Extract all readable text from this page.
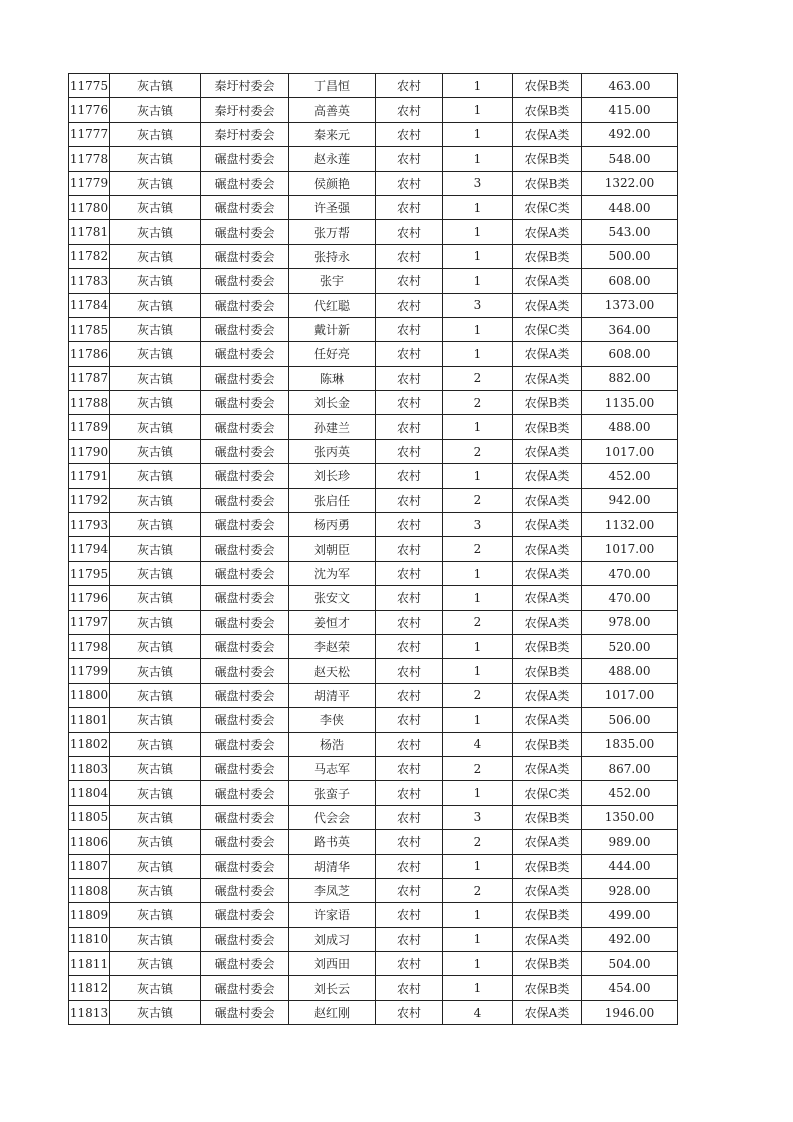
11775	灰古镇	秦圩村委会	丁昌恒	农村	1	农保B类	463.00
11776	灰古镇	秦圩村委会	高善英	农村	1	农保B类	415.00
11777	灰古镇	秦圩村委会	秦来元	农村	1	农保A类	492.00
11778	灰古镇	碾盘村委会	赵永莲	农村	1	农保B类	548.00
11779	灰古镇	碾盘村委会	侯颜艳	农村	3	农保B类	1322.00
11780	灰古镇	碾盘村委会	许圣强	农村	1	农保C类	448.00
11781	灰古镇	碾盘村委会	张万帮	农村	1	农保A类	543.00
11782	灰古镇	碾盘村委会	张持永	农村	1	农保B类	500.00
11783	灰古镇	碾盘村委会	张宇	农村	1	农保A类	608.00
11784	灰古镇	碾盘村委会	代红聪	农村	3	农保A类	1373.00
11785	灰古镇	碾盘村委会	戴计新	农村	1	农保C类	364.00
11786	灰古镇	碾盘村委会	任好亮	农村	1	农保A类	608.00
11787	灰古镇	碾盘村委会	陈琳	农村	2	农保A类	882.00
11788	灰古镇	碾盘村委会	刘长金	农村	2	农保B类	1135.00
11789	灰古镇	碾盘村委会	孙建兰	农村	1	农保B类	488.00
11790	灰古镇	碾盘村委会	张丙英	农村	2	农保A类	1017.00
11791	灰古镇	碾盘村委会	刘长珍	农村	1	农保A类	452.00
11792	灰古镇	碾盘村委会	张启任	农村	2	农保A类	942.00
11793	灰古镇	碾盘村委会	杨丙勇	农村	3	农保A类	1132.00
11794	灰古镇	碾盘村委会	刘朝臣	农村	2	农保A类	1017.00
11795	灰古镇	碾盘村委会	沈为军	农村	1	农保A类	470.00
11796	灰古镇	碾盘村委会	张安文	农村	1	农保A类	470.00
11797	灰古镇	碾盘村委会	姜恒才	农村	2	农保A类	978.00
11798	灰古镇	碾盘村委会	李赵荣	农村	1	农保B类	520.00
11799	灰古镇	碾盘村委会	赵天松	农村	1	农保B类	488.00
11800	灰古镇	碾盘村委会	胡清平	农村	2	农保A类	1017.00
11801	灰古镇	碾盘村委会	李侠	农村	1	农保A类	506.00
11802	灰古镇	碾盘村委会	杨浩	农村	4	农保B类	1835.00
11803	灰古镇	碾盘村委会	马志军	农村	2	农保A类	867.00
11804	灰古镇	碾盘村委会	张蛮子	农村	1	农保C类	452.00
11805	灰古镇	碾盘村委会	代会会	农村	3	农保B类	1350.00
11806	灰古镇	碾盘村委会	路书英	农村	2	农保A类	989.00
11807	灰古镇	碾盘村委会	胡清华	农村	1	农保B类	444.00
11808	灰古镇	碾盘村委会	李凤芝	农村	2	农保A类	928.00
11809	灰古镇	碾盘村委会	许家语	农村	1	农保B类	499.00
11810	灰古镇	碾盘村委会	刘成习	农村	1	农保A类	492.00
11811	灰古镇	碾盘村委会	刘西田	农村	1	农保B类	504.00
11812	灰古镇	碾盘村委会	刘长云	农村	1	农保B类	454.00
11813	灰古镇	碾盘村委会	赵红刚	农村	4	农保A类	1946.00
